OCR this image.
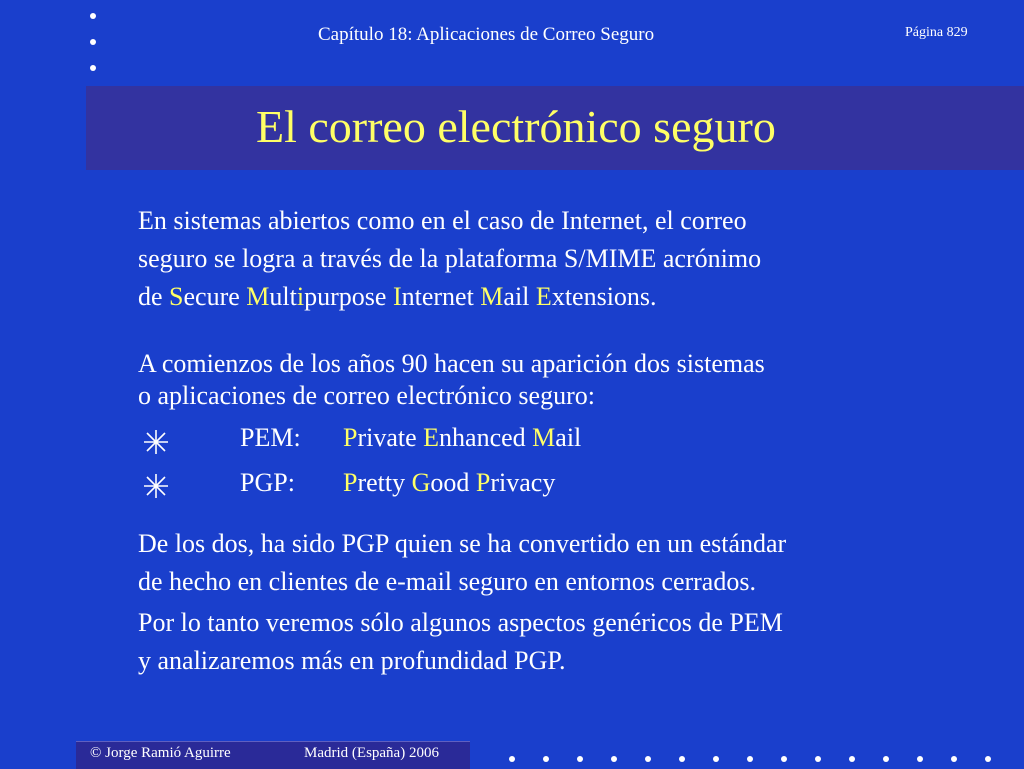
Capítulo 18: Aplicaciones de Correo Seguro	Página 829
El correo electrónico seguro
En sistemas abiertos como en el caso de Internet, el correo
seguro se logra a través de la plataforma S/MIME acrónimo
de Secure Multipurpose Internet Mail Extensions.
A comienzos de los años 90 hacen su aparición dos sistemas
o aplicaciones de correo electrónico seguro:
PEM: Private Enhanced Mail
PGP: Pretty Good Privacy
De los dos, ha sido PGP quien se ha convertido en un estándar
de hecho en clientes de e-mail seguro en entornos cerrados.
Por lo tanto veremos sólo algunos aspectos genéricos de PEM
y analizaremos más en profundidad PGP.
© Jorge Ramió Aguirre	Madrid (España) 2006
